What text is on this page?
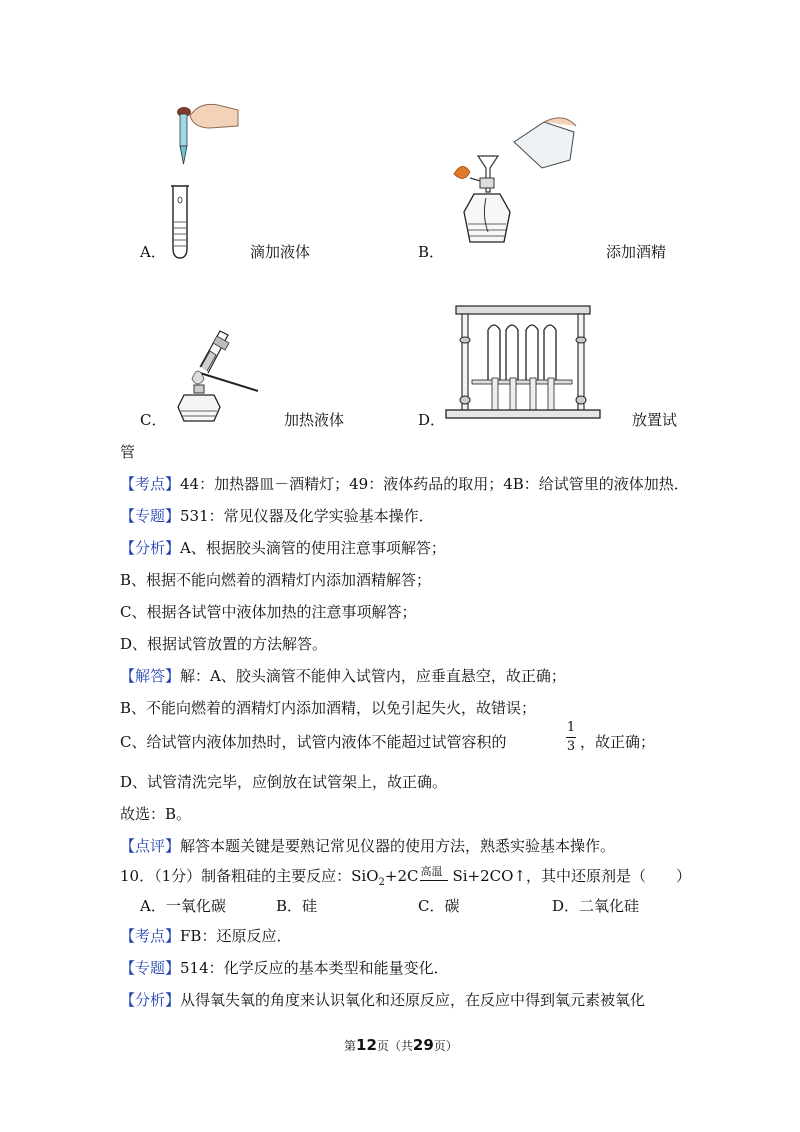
A．	滴加液体	B．	添加酒精
C．	加热液体	D．	放置试
管
【考点】44：加热器皿－酒精灯；49：液体药品的取用；4B：给试管里的液体加热．
【专题】531：常见仪器及化学实验基本操作．
【分析】A、根据胶头滴管的使用注意事项解答；
B、根据不能向燃着的酒精灯内添加酒精解答；
C、根据各试管中液体加热的注意事项解答；
D、根据试管放置的方法解答。
【解答】解：A、胶头滴管不能伸入试管内，应垂直悬空，故正确；
B、不能向燃着的酒精灯内添加酒精，以免引起失火，故错误；
C、给试管内液体加热时，试管内液体不能超过试管容积的
1
3 ，故正确；
D、试管清洗完毕，应倒放在试管架上，故正确。
故选：B。
【点评】解答本题关键是要熟记常见仪器的使用方法，熟悉实验基本操作。
10．（1分）制备粗硅的主要反应：SiO$_2$+2C 高温 Si+2CO↑，其中还原剂是（　　）
A．一氧化碳	B．硅	C．碳	D．二氧化硅
【考点】FB：还原反应．
【专题】514：化学反应的基本类型和能量变化．
【分析】从得氧失氧的角度来认识氧化和还原反应，在反应中得到氧元素被氧化
第12页（共29页）
